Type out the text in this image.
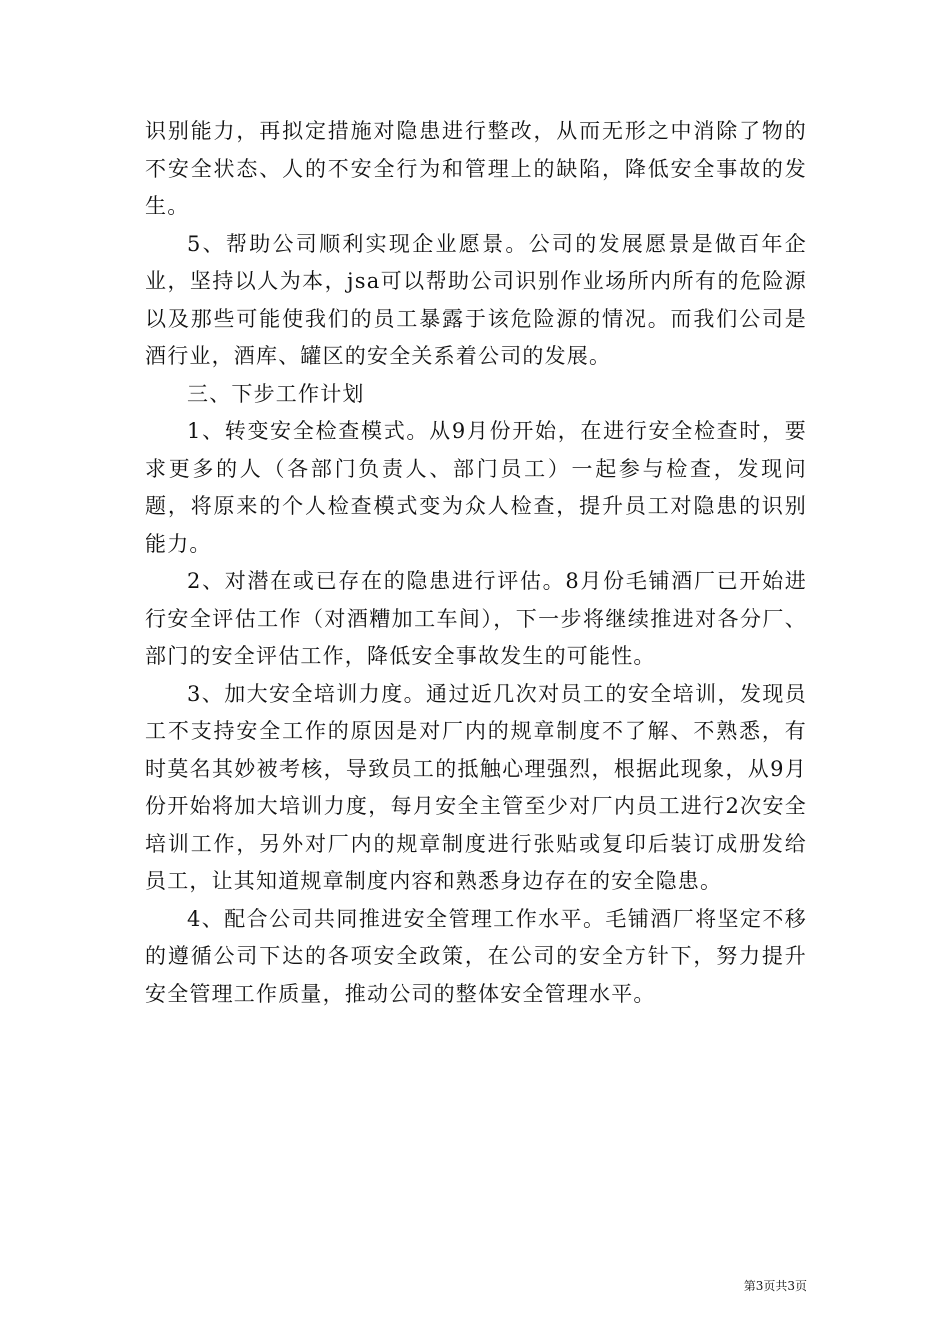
识别能力，再拟定措施对隐患进行整改，从而无形之中消除了物的不安全状态、人的不安全行为和管理上的缺陷，降低安全事故的发生。

5、帮助公司顺利实现企业愿景。公司的发展愿景是做百年企业，坚持以人为本，jsa可以帮助公司识别作业场所内所有的危险源以及那些可能使我们的员工暴露于该危险源的情况。而我们公司是酒行业，酒库、罐区的安全关系着公司的发展。

三、下步工作计划

1、转变安全检查模式。从9月份开始，在进行安全检查时，要求更多的人（各部门负责人、部门员工）一起参与检查，发现问题，将原来的个人检查模式变为众人检查，提升员工对隐患的识别能力。

2、对潜在或已存在的隐患进行评估。8月份毛铺酒厂已开始进行安全评估工作（对酒糟加工车间），下一步将继续推进对各分厂、部门的安全评估工作，降低安全事故发生的可能性。

3、加大安全培训力度。通过近几次对员工的安全培训，发现员工不支持安全工作的原因是对厂内的规章制度不了解、不熟悉，有时莫名其妙被考核，导致员工的抵触心理强烈，根据此现象，从9月份开始将加大培训力度，每月安全主管至少对厂内员工进行2次安全培训工作，另外对厂内的规章制度进行张贴或复印后装订成册发给员工，让其知道规章制度内容和熟悉身边存在的安全隐患。

4、配合公司共同推进安全管理工作水平。毛铺酒厂将坚定不移的遵循公司下达的各项安全政策，在公司的安全方针下，努力提升安全管理工作质量，推动公司的整体安全管理水平。

第3页共3页
